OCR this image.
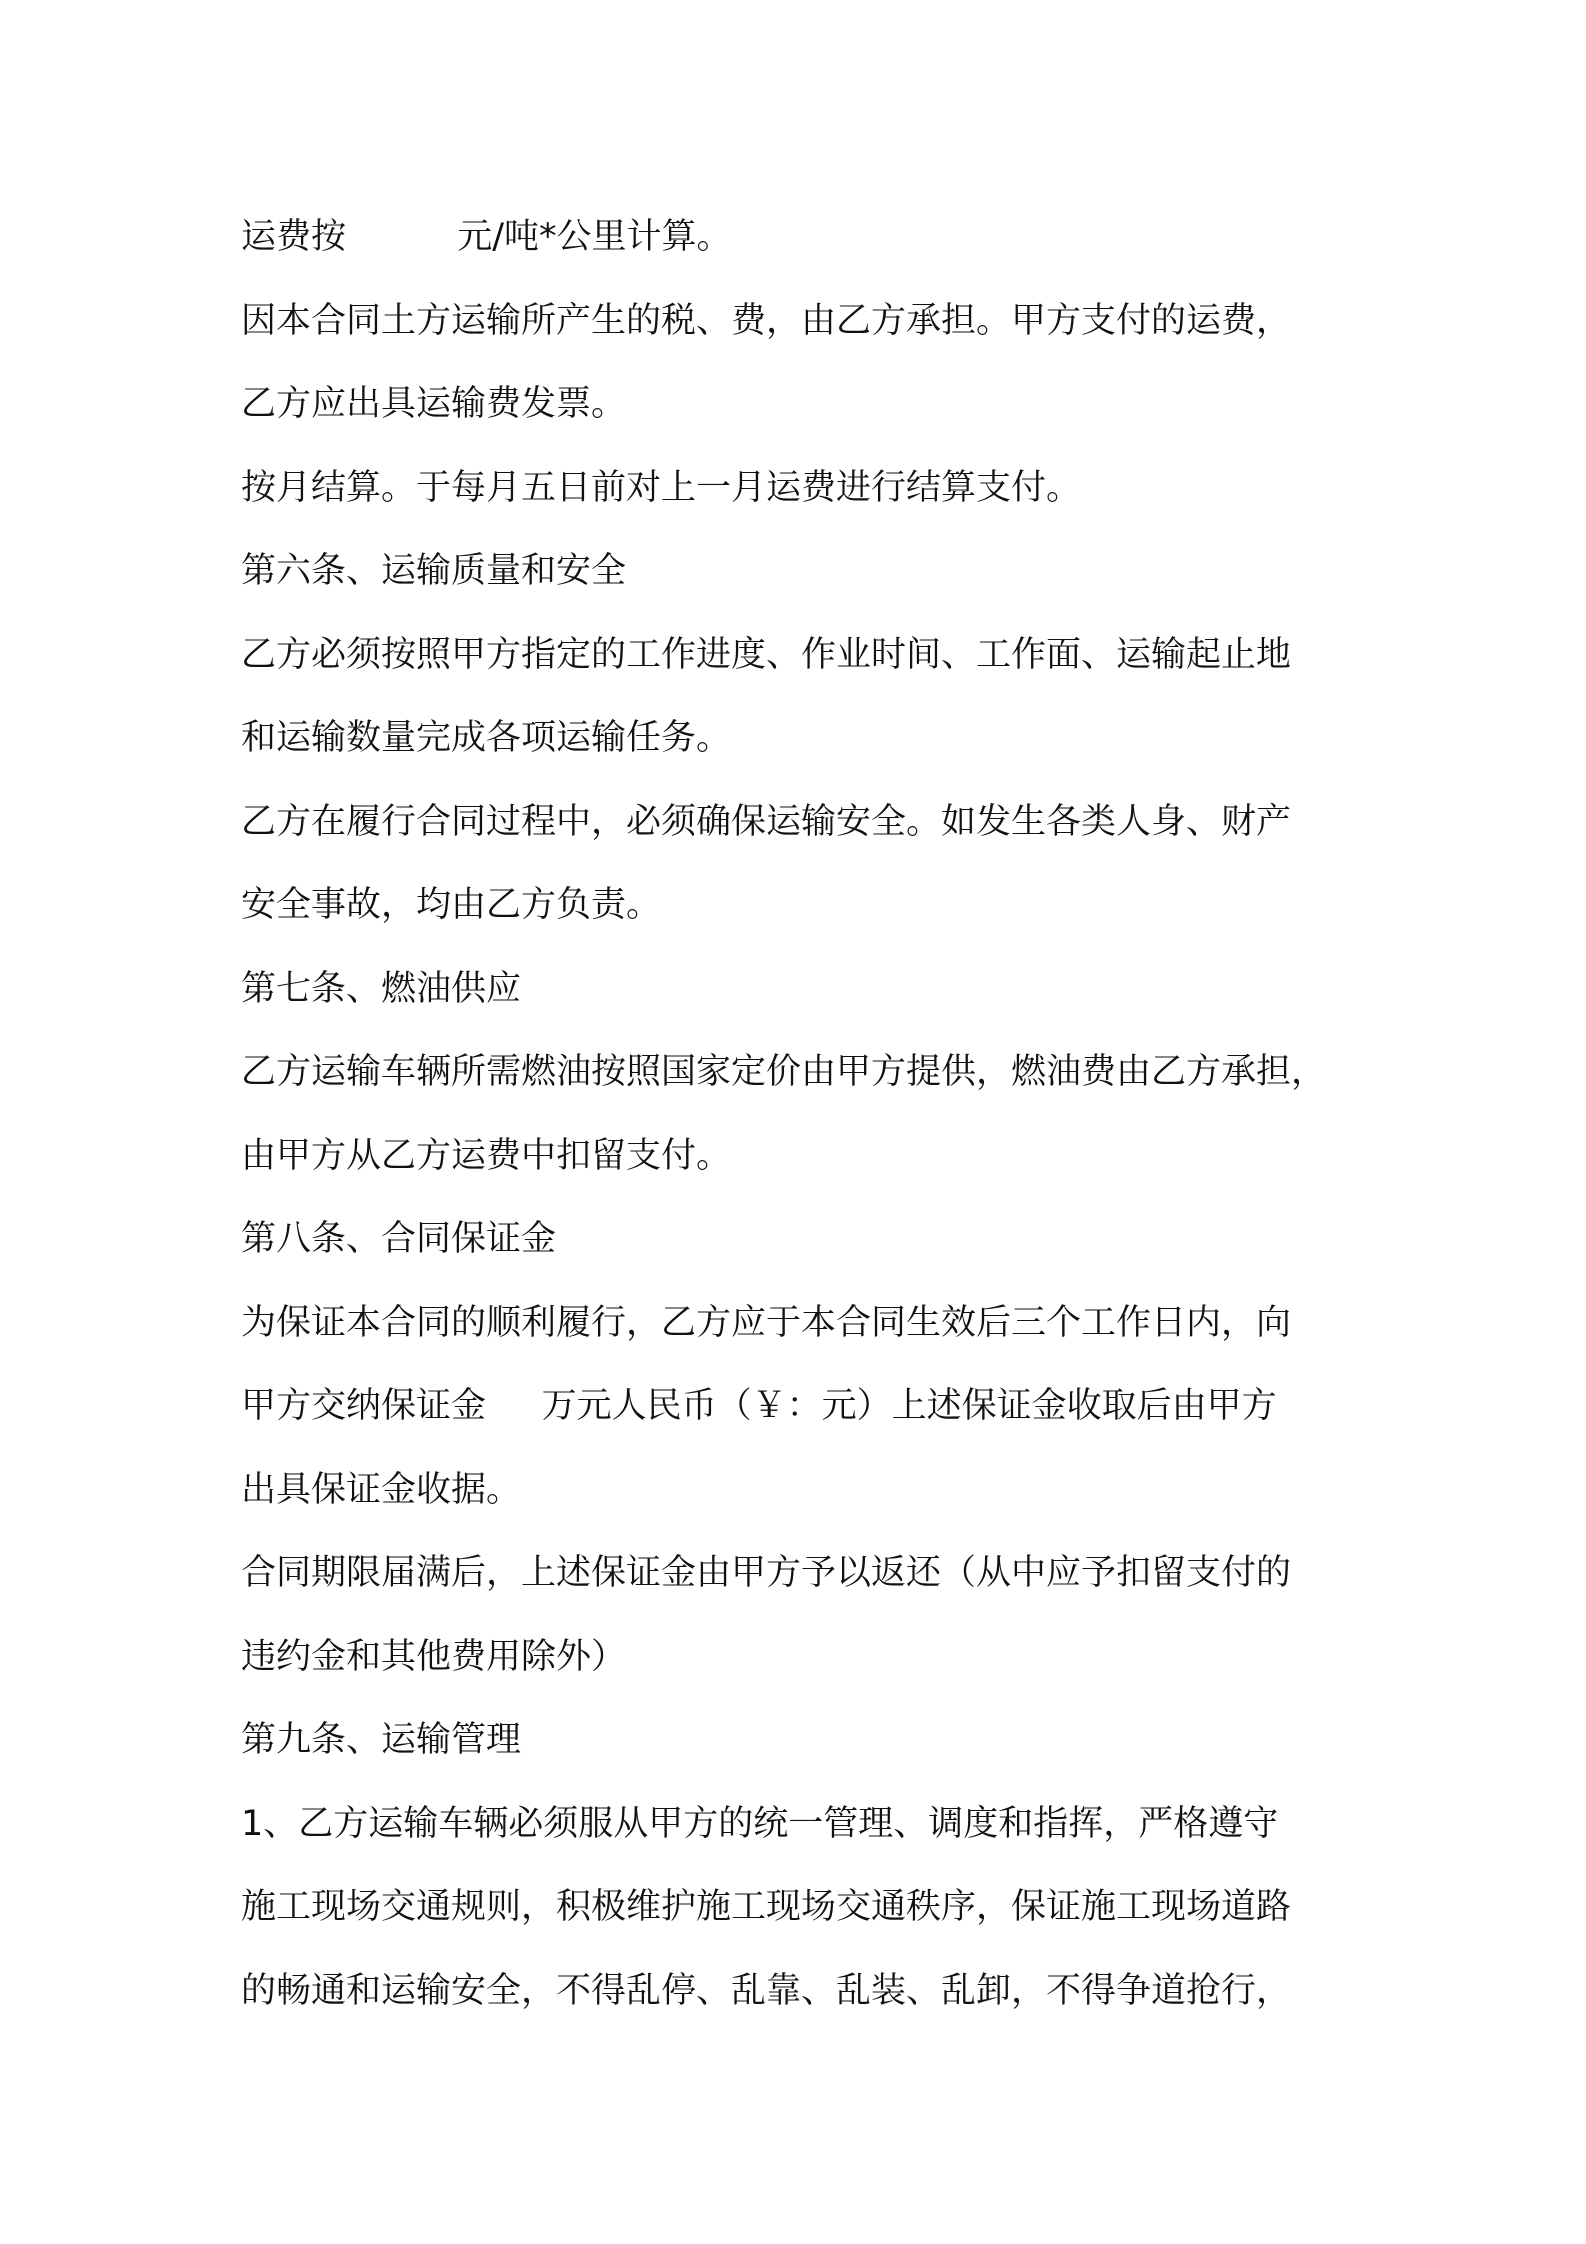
运费按          元/吨*公里计算。
因本合同土方运输所产生的税、费，由乙方承担。甲方支付的运费，
乙方应出具运输费发票。
按月结算。于每月五日前对上一月运费进行结算支付。
第六条、运输质量和安全
乙方必须按照甲方指定的工作进度、作业时间、工作面、运输起止地
和运输数量完成各项运输任务。
乙方在履行合同过程中，必须确保运输安全。如发生各类人身、财产
安全事故，均由乙方负责。
第七条、燃油供应
乙方运输车辆所需燃油按照国家定价由甲方提供，燃油费由乙方承担，
由甲方从乙方运费中扣留支付。
第八条、合同保证金
为保证本合同的顺利履行，乙方应于本合同生效后三个工作日内，向
甲方交纳保证金     万元人民币（￥：元）上述保证金收取后由甲方
出具保证金收据。
合同期限届满后，上述保证金由甲方予以返还（从中应予扣留支付的
违约金和其他费用除外）
第九条、运输管理
1、乙方运输车辆必须服从甲方的统一管理、调度和指挥，严格遵守
施工现场交通规则，积极维护施工现场交通秩序，保证施工现场道路
的畅通和运输安全，不得乱停、乱靠、乱装、乱卸，不得争道抢行，
